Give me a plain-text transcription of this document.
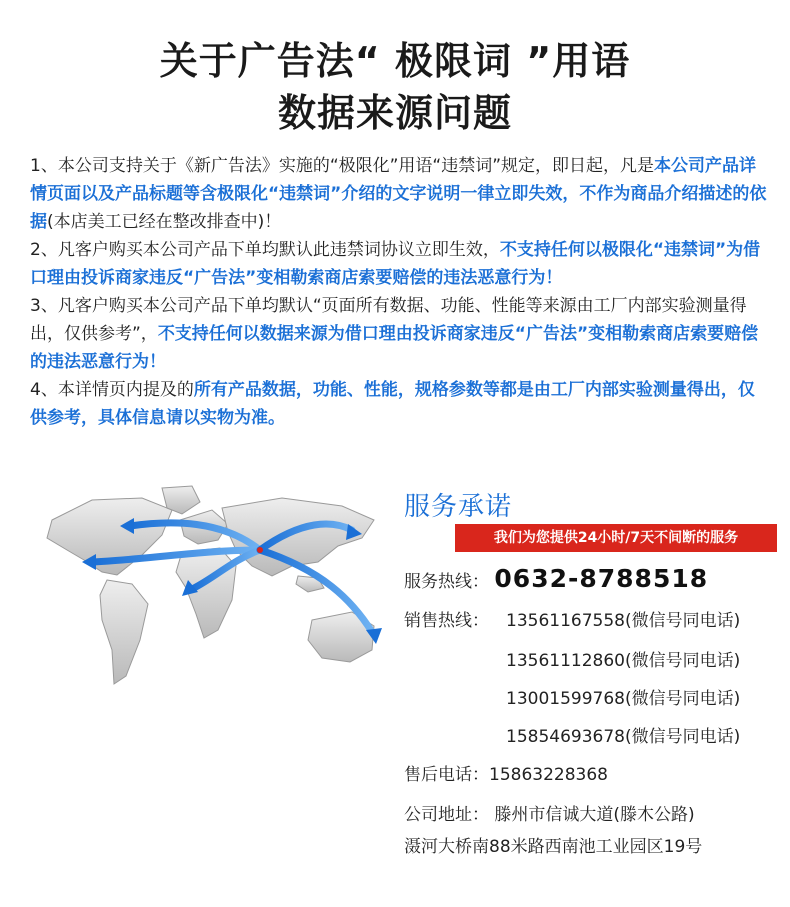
关于广告法“ 极限词 ”用语
数据来源问题

1、本公司支持关于《新广告法》实施的“极限化”用语“违禁词”规定，即日起，凡是本公司产品详情页面以及产品标题等含极限化“违禁词”介绍的文字说明一律立即失效，不作为商品介绍描述的依据(本店美工已经在整改排查中)！

2、凡客户购买本公司产品下单均默认此违禁词协议立即生效，不支持任何以极限化“违禁词”为借口理由投诉商家违反“广告法”变相勒索商店索要赔偿的违法恶意行为！

3、凡客户购买本公司产品下单均默认“页面所有数据、功能、性能等来源由工厂内部实验测量得出，仅供参考”，不支持任何以数据来源为借口理由投诉商家违反“广告法”变相勒索商店索要赔偿的违法恶意行为！

4、本详情页内提及的所有产品数据，功能、性能，规格参数等都是由工厂内部实验测量得出，仅供参考，具体信息请以实物为准。

服务承诺
我们为您提供24小时/7天不间断的服务
服务热线： 0632-8788518
销售热线： 13561167558(微信号同电话)
13561112860(微信号同电话)
13001599768(微信号同电话)
15854693678(微信号同电话)
售后电话：15863228368
公司地址： 滕州市信诚大道(滕木公路)
滠河大桥南88米路西南池工业园区19号
